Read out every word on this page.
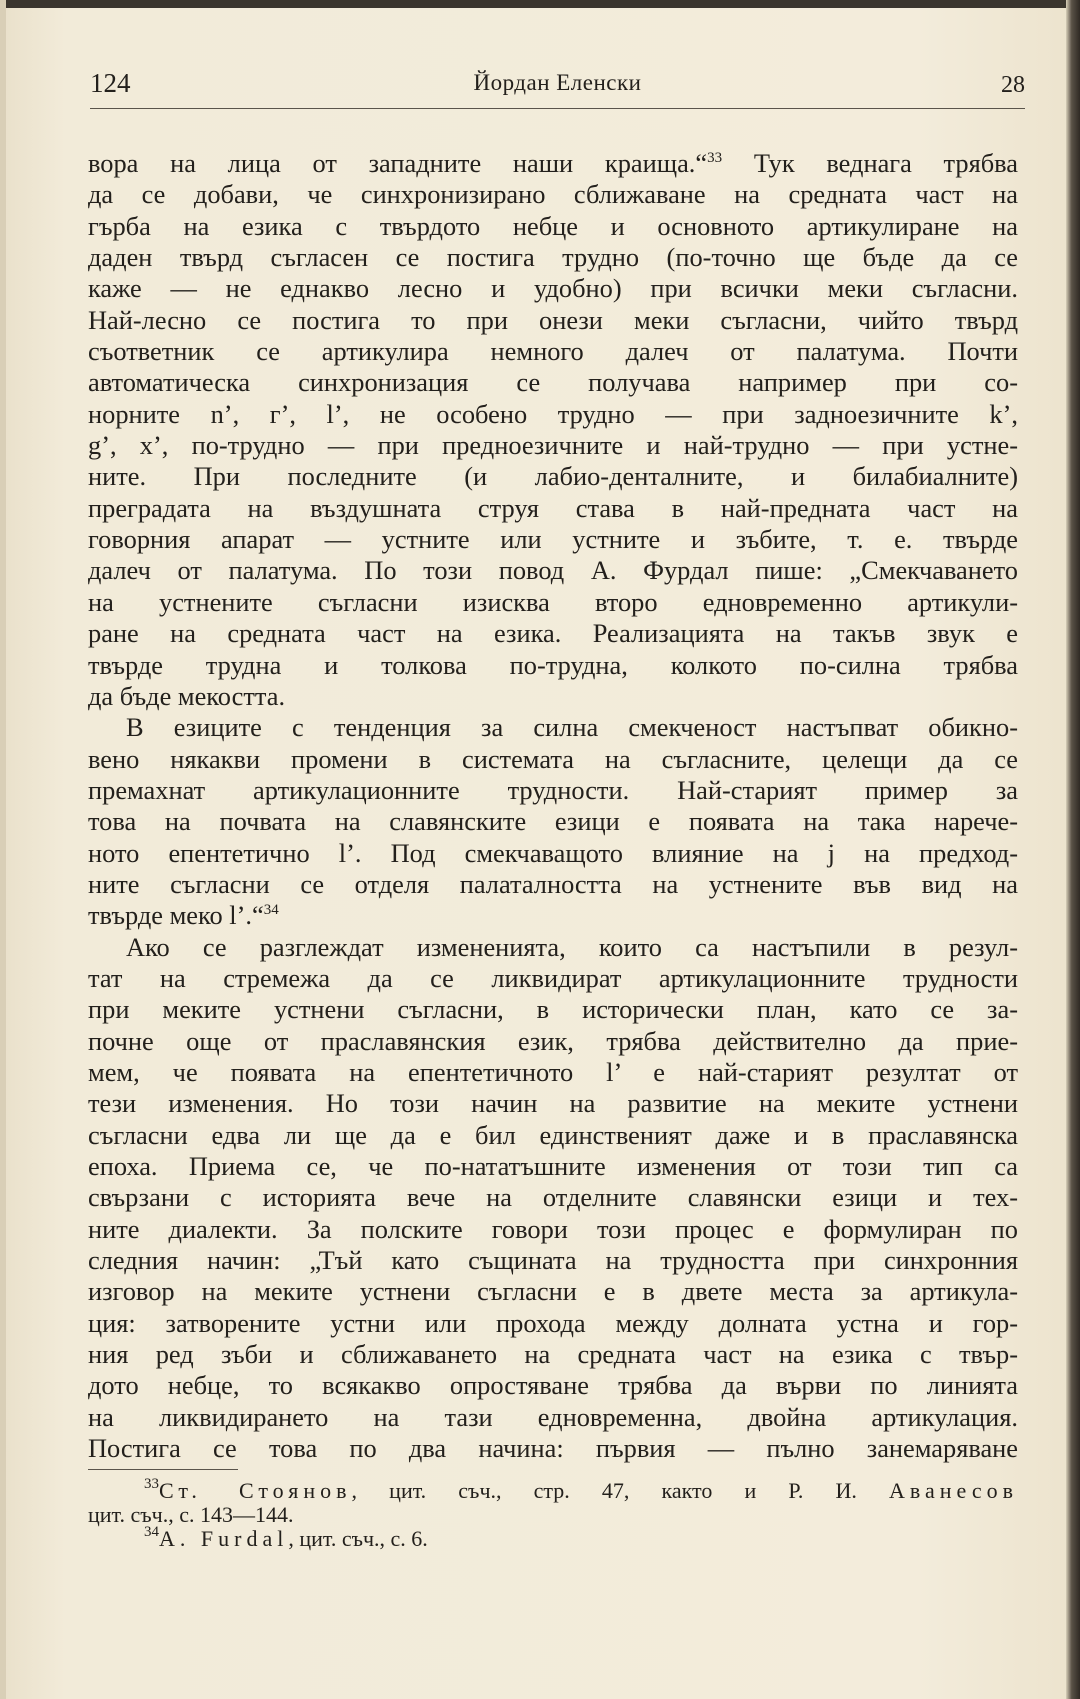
124	Йордан Еленски	28
вора на лица от западните наши краища.“$^{33}$ Тук веднага трябва
да се добави, че синхронизирано сближаване на средната част на
гърба на езика с твърдото небце и основното артикулиране на
даден твърд съгласен се постига трудно (по-точно ще бъде да се
каже — не еднакво лесно и удобно) при всички меки съгласни.
Най-лесно се постига то при онези меки съгласни, чийто твърд
съответник се артикулира немного далеч от палатума. Почти
автоматическа синхронизация се получава например при со-
норните n’, г’, l’, не особено трудно — при задноезичните k’,
g’, x’, по-трудно — при предноезичните и най-трудно — при устне-
ните. При последните (и лабио-денталните, и билабиалните)
преградата на въздушната струя става в най-предната част на
говорния апарат — устните или устните и зъбите, т. е. твърде
далеч от палатума. По този повод А. Фурдал пише: „Смекчаването
на устнените съгласни изисква второ едновременно артикули-
ране на средната част на езика. Реализацията на такъв звук е
твърде трудна и толкова по-трудна, колкото по-силна трябва
да бъде мекостта.
В езиците с тенденция за силна смекченост настъпват обикно-
вено някакви промени в системата на съгласните, целещи да се
премахнат артикулационните трудности. Най-старият пример за
това на почвата на славянските езици е появата на така нарече-
ното епентетично l’. Под смекчаващото влияние на j на предход-
ните съгласни се отделя палаталността на устнените във вид на
твърде меко l’.“$^{34}$
Ако се разглеждат измененията, които са настъпили в резул-
тат на стремежа да се ликвидират артикулационните трудности
при меките устнени съгласни, в исторически план, като се за-
почне още от праславянския език, трябва действително да прие-
мем, че появата на епентетичното l’ е най-старият резултат от
тези изменения. Но този начин на развитие на меките устнени
съгласни едва ли ще да е бил единственият даже и в праславянска
епоха. Приема се, че по-нататъшните изменения от този тип са
свързани с историята вече на отделните славянски езици и тех-
ните диалекти. За полските говори този процес е формулиран по
следния начин: „Тъй като същината на трудността при синхронния
изговор на меките устнени съгласни е в двете места за артикула-
ция: затворените устни или прохода между долната устна и гор-
ния ред зъби и сближаването на средната част на езика с твър-
дото небце, то всякакво опростяване трябва да върви по линията
на ликвидирането на тази едновременна, двойна артикулация.
Постига се това по два начина: първия — пълно занемаряване
$^{33}$Ст. Стоянов, цит. съч., стр. 47, както и Р. И. Аванесов
цит. съч., с. 143—144.
$^{34}$A. Furdal, цит. съч., с. 6.
